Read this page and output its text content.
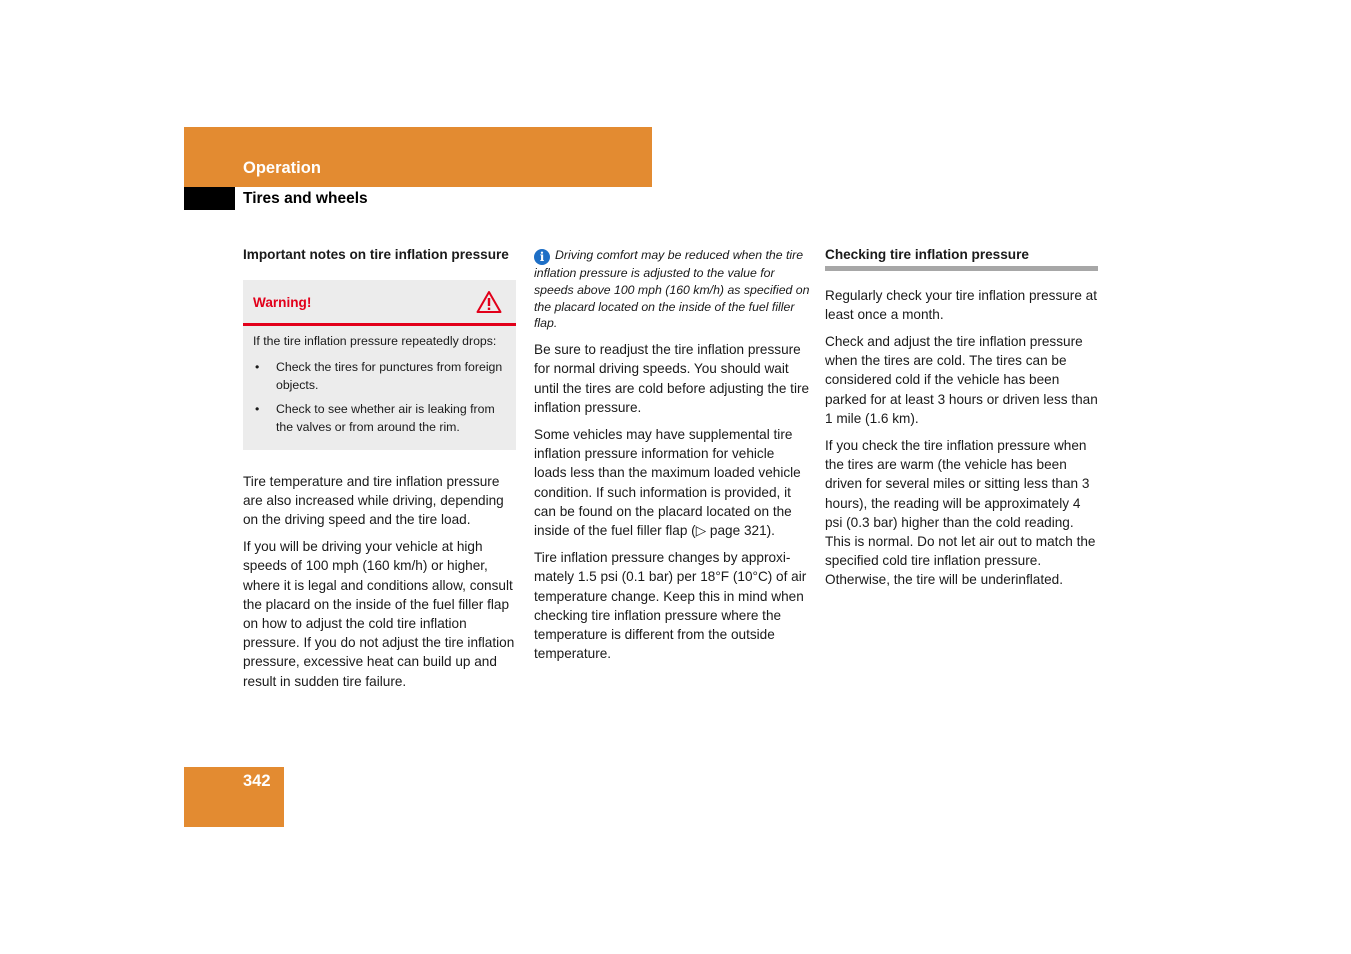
Operation
Tires and wheels
Important notes on tire inflation pressure
Warning!

If the tire inflation pressure repeatedly drops:

• Check the tires for punctures from foreign objects.
• Check to see whether air is leaking from the valves or from around the rim.

Tire temperature and tire inflation pressure are also increased while driving, depending on the driving speed and the tire load.

If you will be driving your vehicle at high speeds of 100 mph (160 km/h) or higher, where it is legal and conditions allow, consult the placard on the inside of the fuel filler flap on how to adjust the cold tire inflation pressure. If you do not adjust the tire inflation pressure, excessive heat can build up and result in sudden tire failure.

i Driving comfort may be reduced when the tire inflation pressure is adjusted to the value for speeds above 100 mph (160 km/h) as specified on the placard located on the inside of the fuel filler flap.

Be sure to readjust the tire inflation pressure for normal driving speeds. You should wait until the tires are cold before adjusting the tire inflation pressure.

Some vehicles may have supplemental tire inflation pressure information for vehicle loads less than the maximum loaded vehicle condition. If such information is provided, it can be found on the placard located on the inside of the fuel filler flap (▷ page 321).

Tire inflation pressure changes by approximately 1.5 psi (0.1 bar) per 18°F (10°C) of air temperature change. Keep this in mind when checking tire inflation pressure where the temperature is different from the outside temperature.

Checking tire inflation pressure

Regularly check your tire inflation pressure at least once a month.

Check and adjust the tire inflation pressure when the tires are cold. The tires can be considered cold if the vehicle has been parked for at least 3 hours or driven less than 1 mile (1.6 km).

If you check the tire inflation pressure when the tires are warm (the vehicle has been driven for several miles or sitting less than 3 hours), the reading will be approximately 4 psi (0.3 bar) higher than the cold reading. This is normal. Do not let air out to match the specified cold tire inflation pressure. Otherwise, the tire will be underinflated.

342
